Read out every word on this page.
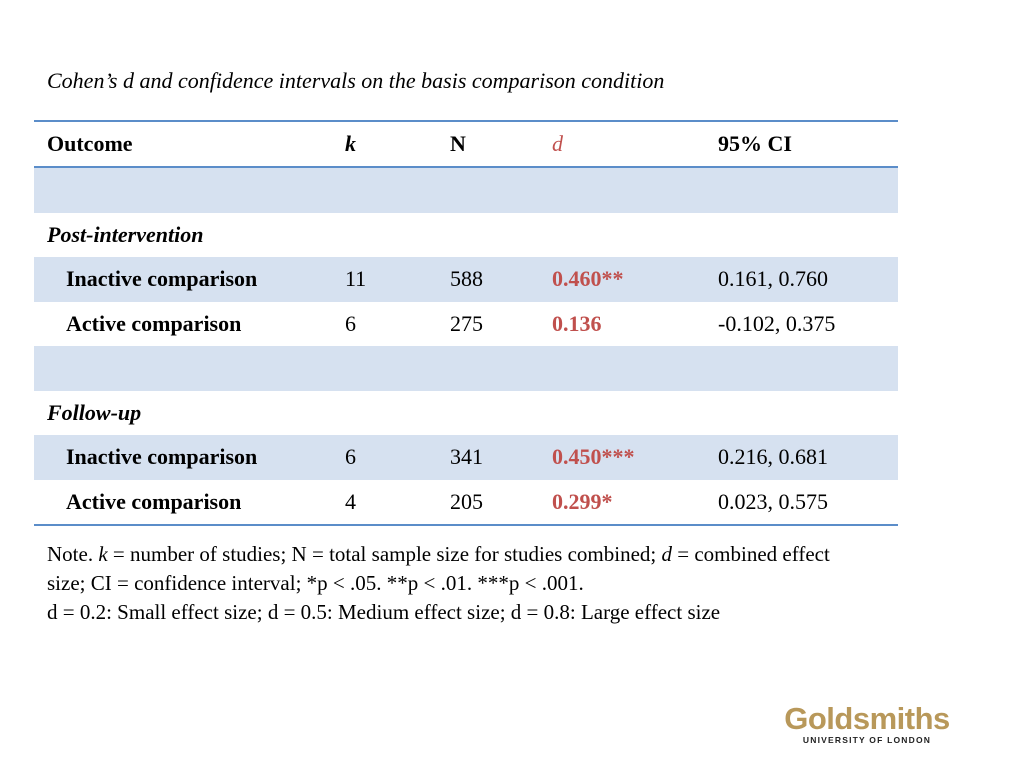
Cohen’s d and confidence intervals on the basis comparison condition
Outcome	k	N	d	95% CI
Post-intervention
Inactive comparison	11	588	0.460**	0.161, 0.760
Active comparison	6	275	0.136	-0.102, 0.375
Follow-up
Inactive comparison	6	341	0.450***	0.216, 0.681
Active comparison	4	205	0.299*	0.023, 0.575

Note. k = number of studies; N = total sample size for studies combined; d = combined effect

size; CI = confidence interval; *p < .05. **p < .01. ***p < .001.

d = 0.2: Small effect size; d = 0.5: Medium effect size; d = 0.8: Large effect size

Goldsmiths
UNIVERSITY OF LONDON
